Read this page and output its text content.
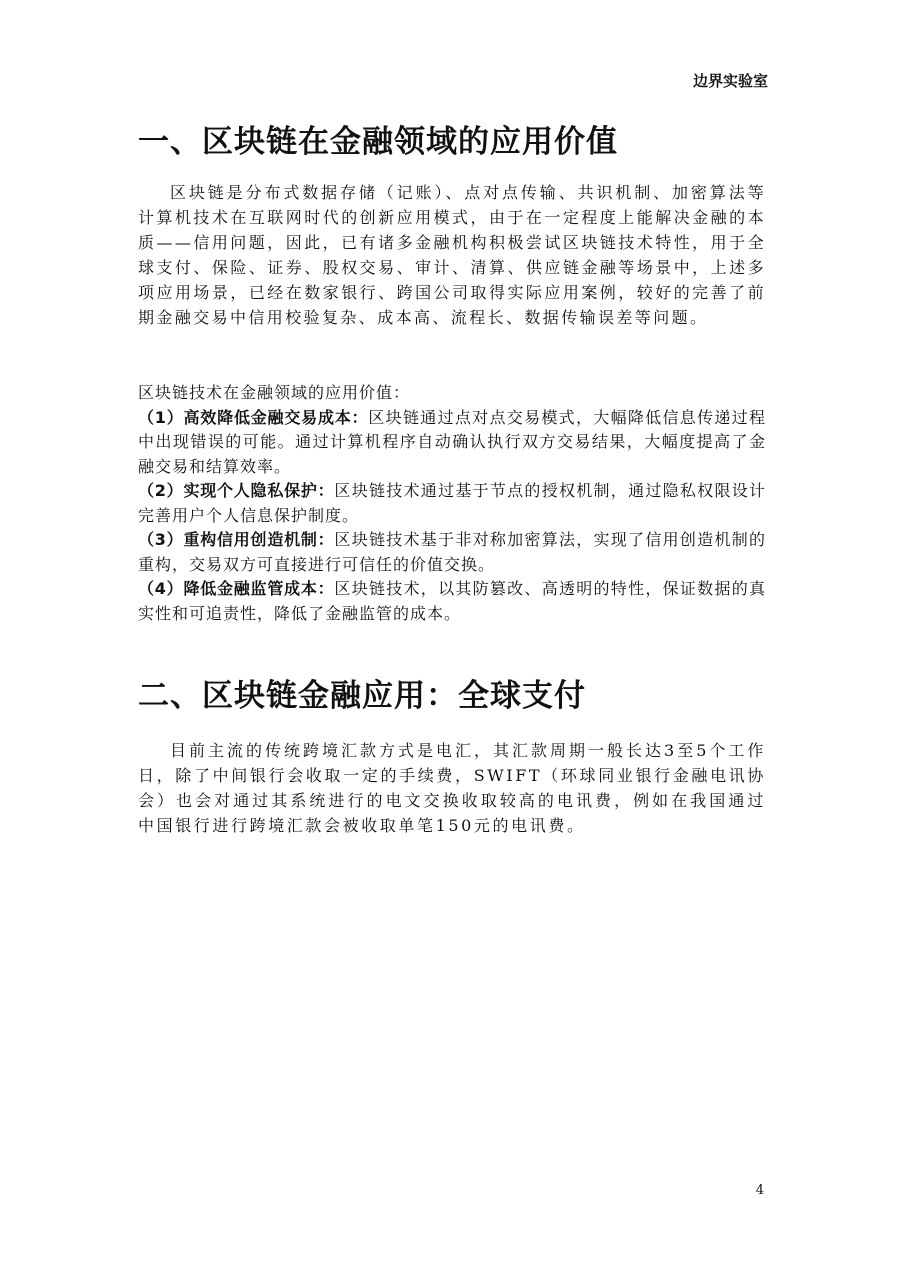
边界实验室
一、区块链在金融领域的应用价值

区块链是分布式数据存储（记账）、点对点传输、共识机制、加密算法等计算机技术在互联网时代的创新应用模式，由于在一定程度上能解决金融的本质——信用问题，因此，已有诸多金融机构积极尝试区块链技术特性，用于全球支付、保险、证券、股权交易、审计、清算、供应链金融等场景中，上述多项应用场景，已经在数家银行、跨国公司取得实际应用案例，较好的完善了前期金融交易中信用校验复杂、成本高、流程长、数据传输误差等问题。

区块链技术在金融领域的应用价值：

（1）高效降低金融交易成本：区块链通过点对点交易模式，大幅降低信息传递过程中出现错误的可能。通过计算机程序自动确认执行双方交易结果，大幅度提高了金融交易和结算效率。

（2）实现个人隐私保护：区块链技术通过基于节点的授权机制，通过隐私权限设计完善用户个人信息保护制度。

（3）重构信用创造机制：区块链技术基于非对称加密算法，实现了信用创造机制的重构，交易双方可直接进行可信任的价值交换。

（4）降低金融监管成本：区块链技术，以其防篡改、高透明的特性，保证数据的真实性和可追责性，降低了金融监管的成本。

二、区块链金融应用：全球支付

目前主流的传统跨境汇款方式是电汇，其汇款周期一般长达3至5个工作日，除了中间银行会收取一定的手续费，SWIFT（环球同业银行金融电讯协会）也会对通过其系统进行的电文交换收取较高的电讯费，例如在我国通过中国银行进行跨境汇款会被收取单笔150元的电讯费。

4
